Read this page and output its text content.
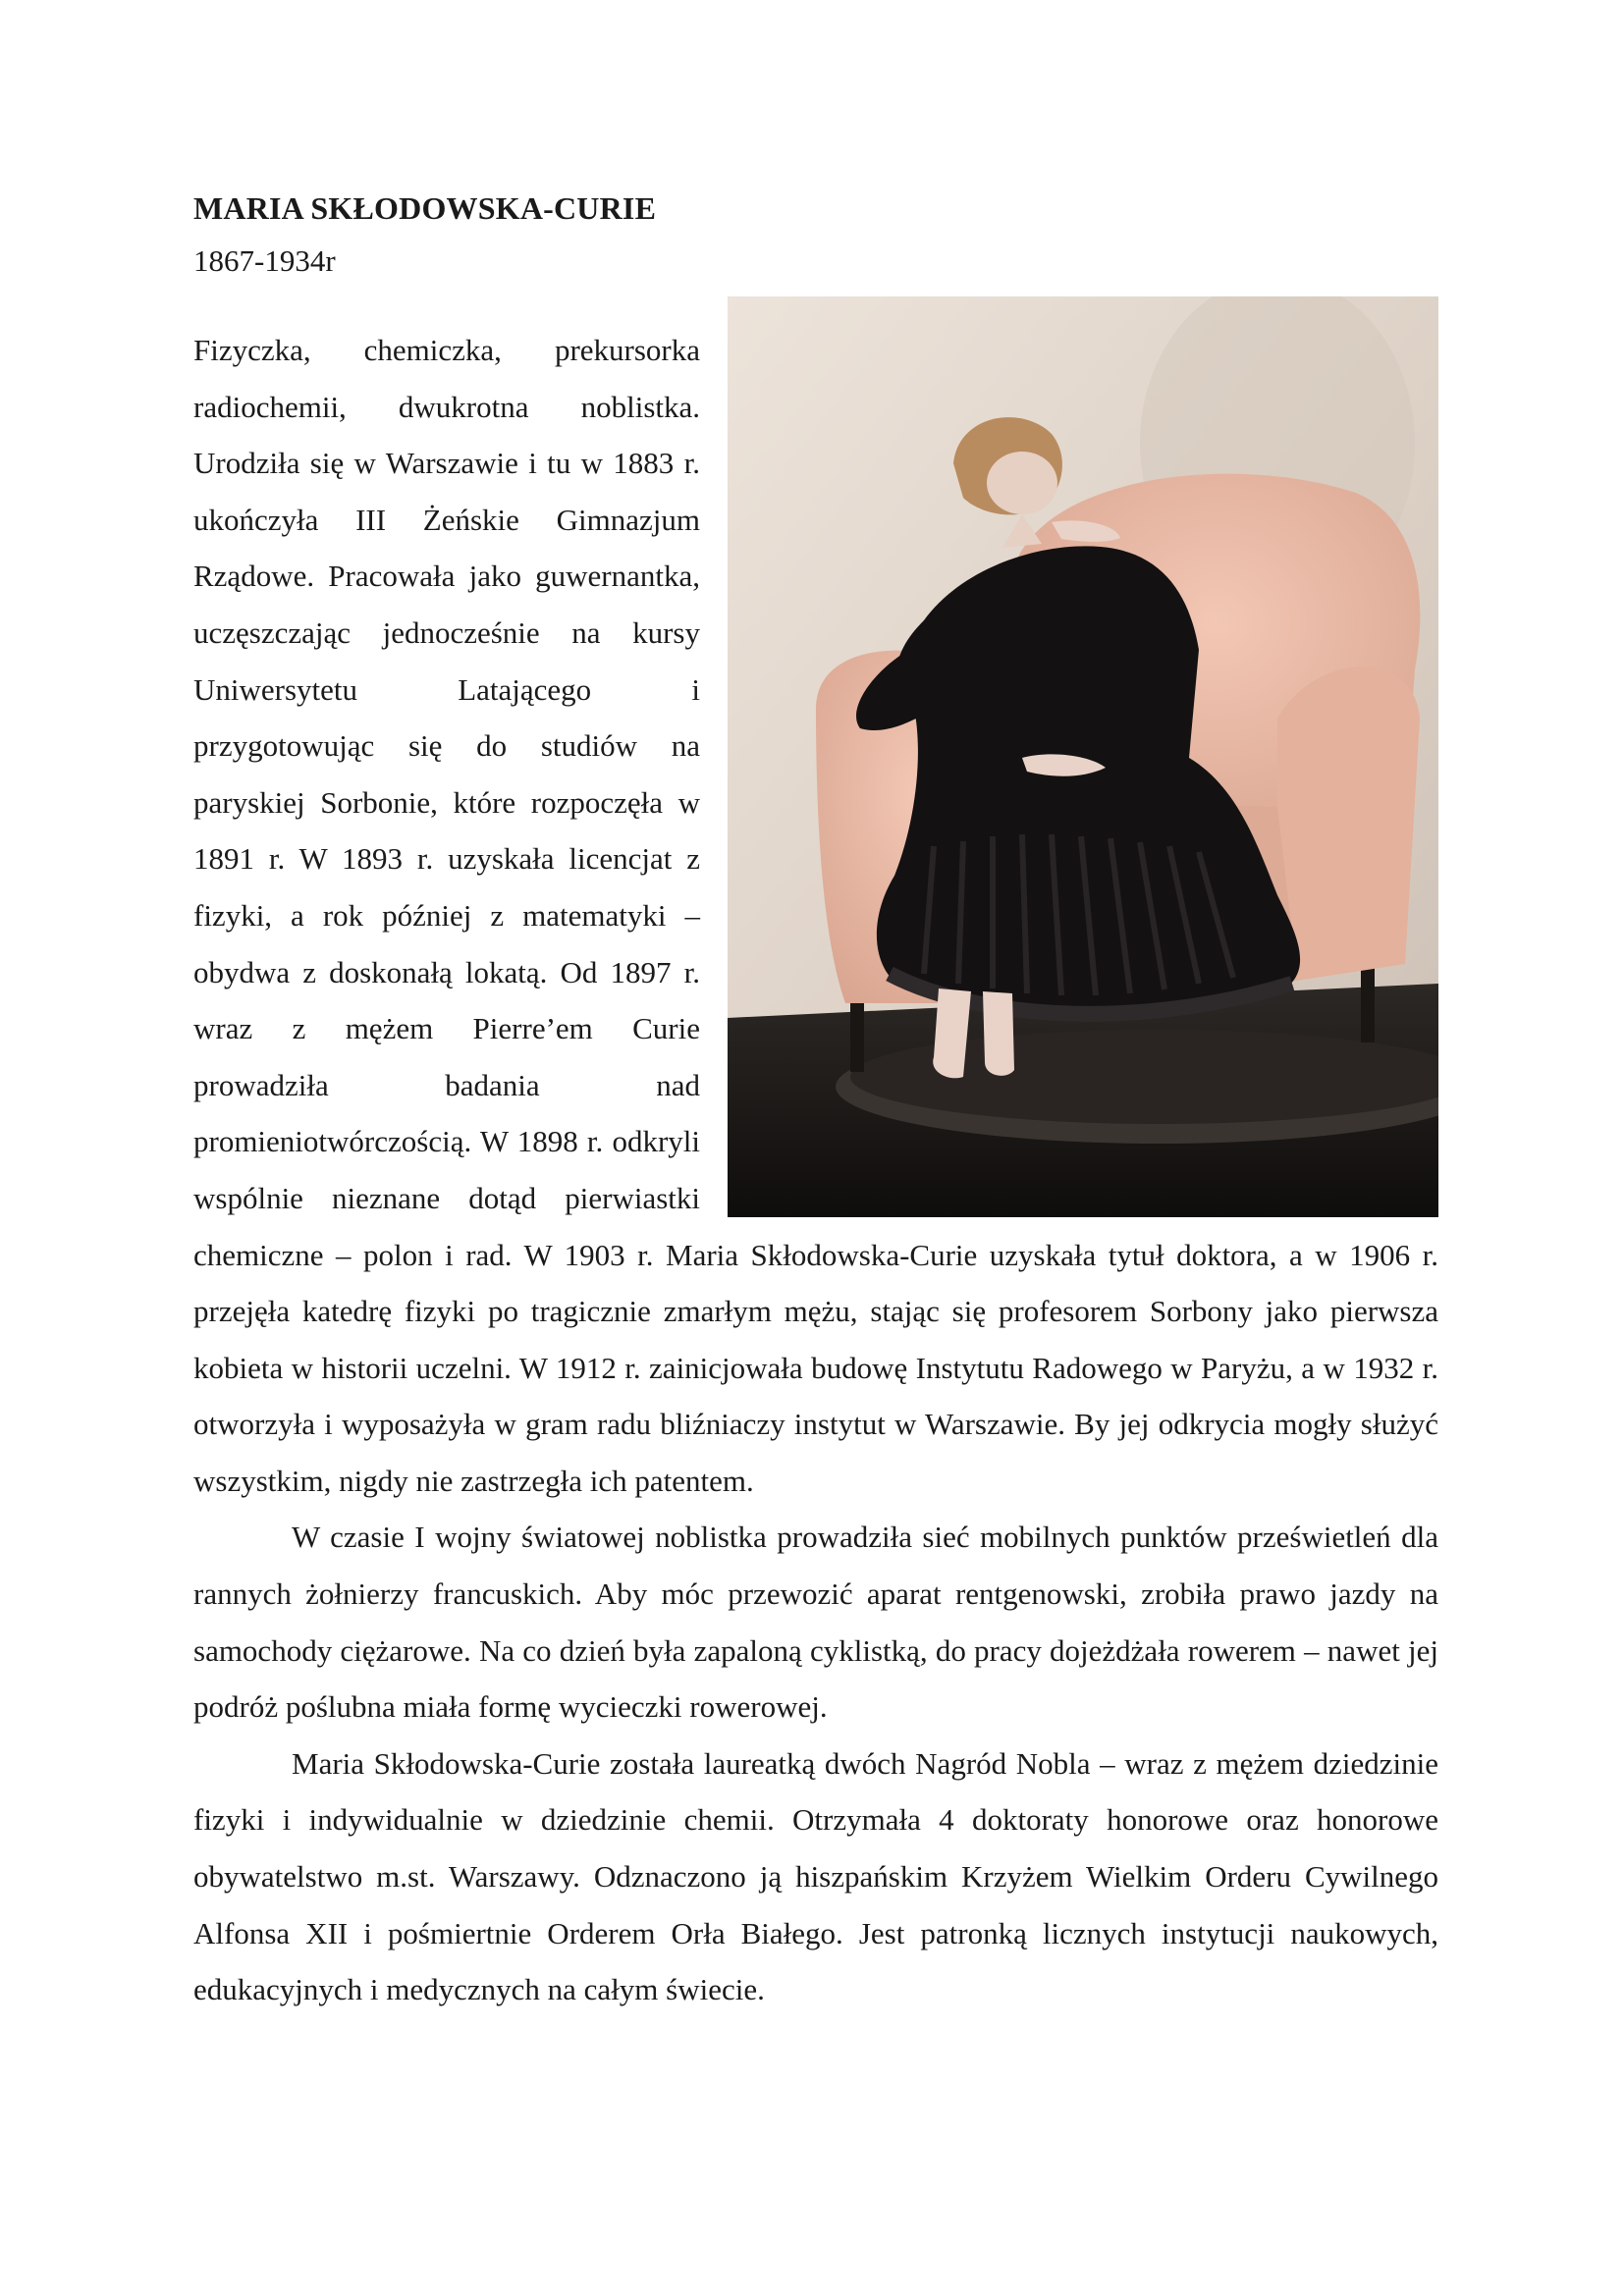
MARIA SKŁODOWSKA-CURIE

1867-1934r

Fizyczka, chemiczka, prekursorka radiochemii, dwukrotna noblistka. Urodziła się w Warszawie i tu w 1883 r. ukończyła III Żeńskie Gimnazjum Rządowe. Pracowała jako guwernantka, uczęszczając jednocześnie na kursy Uniwersytetu Latającego i przygotowując się do studiów na paryskiej Sorbonie, które rozpoczęła w 1891 r. W 1893 r. uzyskała licencjat z fizyki, a rok później z matematyki – obydwa z doskonałą lokatą. Od 1897 r. wraz z mężem Pierre’em Curie prowadziła badania nad promieniotwórczością. W 1898 r. odkryli wspólnie nieznane dotąd pierwiastki chemiczne – polon i rad. W 1903 r. Maria Skłodowska-Curie uzyskała tytuł doktora, a w 1906 r. przejęła katedrę fizyki po tragicznie zmarłym mężu, stając się profesorem Sorbony jako pierwsza kobieta w historii uczelni. W 1912 r. zainicjowała budowę Instytutu Radowego w Paryżu, a w 1932 r. otworzyła i wyposażyła w gram radu bliźniaczy instytut w Warszawie. By jej odkrycia mogły służyć wszystkim, nigdy nie zastrzegła ich patentem.

W czasie I wojny światowej noblistka prowadziła sieć mobilnych punktów prześwietleń dla rannych żołnierzy francuskich. Aby móc przewozić aparat rentgenowski, zrobiła prawo jazdy na samochody ciężarowe. Na co dzień była zapaloną cyklistką, do pracy dojeżdżała rowerem – nawet jej podróż poślubna miała formę wycieczki rowerowej.

Maria Skłodowska-Curie została laureatką dwóch Nagród Nobla – wraz z mężem dziedzinie fizyki i indywidualnie w dziedzinie chemii. Otrzymała 4 doktoraty honorowe oraz honorowe obywatelstwo m.st. Warszawy. Odznaczono ją hiszpańskim Krzyżem Wielkim Orderu Cywilnego Alfonsa XII i pośmiertnie Orderem Orła Białego. Jest patronką licznych instytucji naukowych, edukacyjnych i medycznych na całym świecie.
